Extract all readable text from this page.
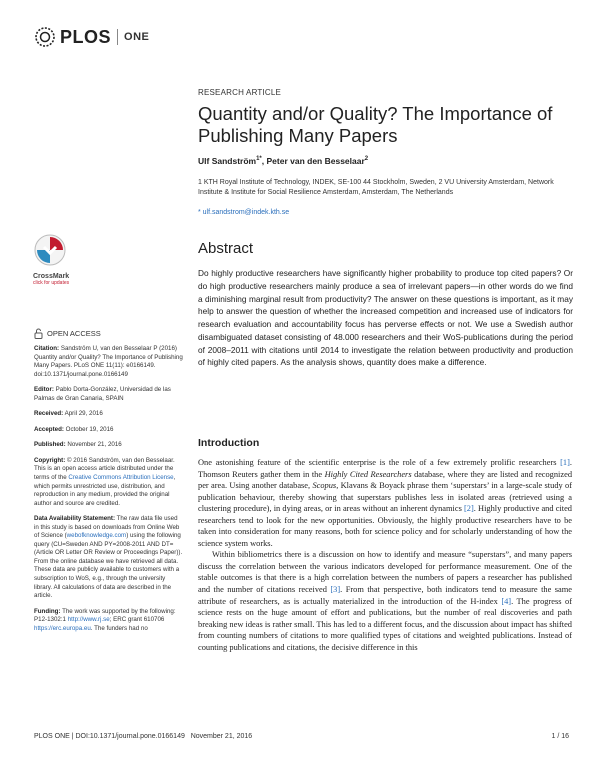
PLOS ONE
CrossMark
click for updates
OPEN ACCESS

Citation: Sandström U, van den Besselaar P (2016) Quantity and/or Quality? The Importance of Publishing Many Papers. PLoS ONE 11(11): e0166149. doi:10.1371/journal.pone.0166149

Editor: Pablo Dorta-González, Universidad de las Palmas de Gran Canaria, SPAIN

Received: April 29, 2016

Accepted: October 19, 2016

Published: November 21, 2016

Copyright: © 2016 Sandström, van den Besselaar. This is an open access article distributed under the terms of the Creative Commons Attribution License, which permits unrestricted use, distribution, and reproduction in any medium, provided the original author and source are credited.

Data Availability Statement: The raw data file used in this study is based on downloads from Online Web of Science (webofknowledge.com) using the following query (CU=Sweden AND PY=2008-2011 AND DT=(Article OR Letter OR Review or Proceedings Paper)). From the online database we have retrieved all data. These data are publicly available to customers with a subscription to WoS, e.g., through the university library. All calculations of data are described in the article.

Funding: The work was supported by the following: P12-1302:1 http://www.rj.se; ERC grant 610706 https://erc.europa.eu. The funders had no

RESEARCH ARTICLE
Quantity and/or Quality? The Importance of Publishing Many Papers
Ulf Sandström$^{1*}$, Peter van den Besselaar$^2$
1 KTH Royal Institute of Technology, INDEK, SE-100 44 Stockholm, Sweden, 2 VU University Amsterdam, Network Institute & Institute for Social Resilience Amsterdam, Amsterdam, The Netherlands
* ulf.sandstrom@indek.kth.se
Abstract
Do highly productive researchers have significantly higher probability to produce top cited papers? Or do high productive researchers mainly produce a sea of irrelevant papers—in other words do we find a diminishing marginal result from productivity? The answer on these questions is important, as it may help to answer the question of whether the increased competition and increased use of indicators for research evaluation and accountability focus has perverse effects or not. We use a Swedish author disambiguated dataset consisting of 48.000 researchers and their WoS-publications during the period of 2008–2011 with citations until 2014 to investigate the relation between productivity and production of highly cited papers. As the analysis shows, quantity does make a difference.
Introduction

One astonishing feature of the scientific enterprise is the role of a few extremely prolific researchers [1]. Thomson Reuters gather them in the Highly Cited Researchers database, where they are listed and recognized per area. Using another database, Scopus, Klavans & Boyack phrase them ‘superstars’ in a large-scale study of publication behaviour, thereby showing that superstars publishes less in isolated areas (retrieved using a clustering procedure), in dying areas, or in areas without an inherent dynamics [2]. Highly productive and cited researchers tend to look for the new opportunities. Obviously, the highly productive researchers have to be taken into consideration for many reasons, both for science policy and for scholarly understanding of how the science system works.

Within bibliometrics there is a discussion on how to identify and measure “superstars”, and many papers discuss the correlation between the various indicators developed for performance measurement. One of the stable outcomes is that there is a high correlation between the numbers of papers a researcher has published and the number of citations received [3]. From that perspective, both indicators tend to measure the same attribute of researchers, as is actually materialized in the introduction of the H-index [4]. The progress of science rests on the huge amount of effort and publications, but the number of real discoveries and path breaking new ideas is rather small. This has led to a different focus, and the discussion about impact has shifted from counting numbers of citations to more qualified types of citations and weighted publications. Instead of counting publications and citations, the decisive difference in this

PLOS ONE | DOI:10.1371/journal.pone.0166149   November 21, 2016	1 / 16
